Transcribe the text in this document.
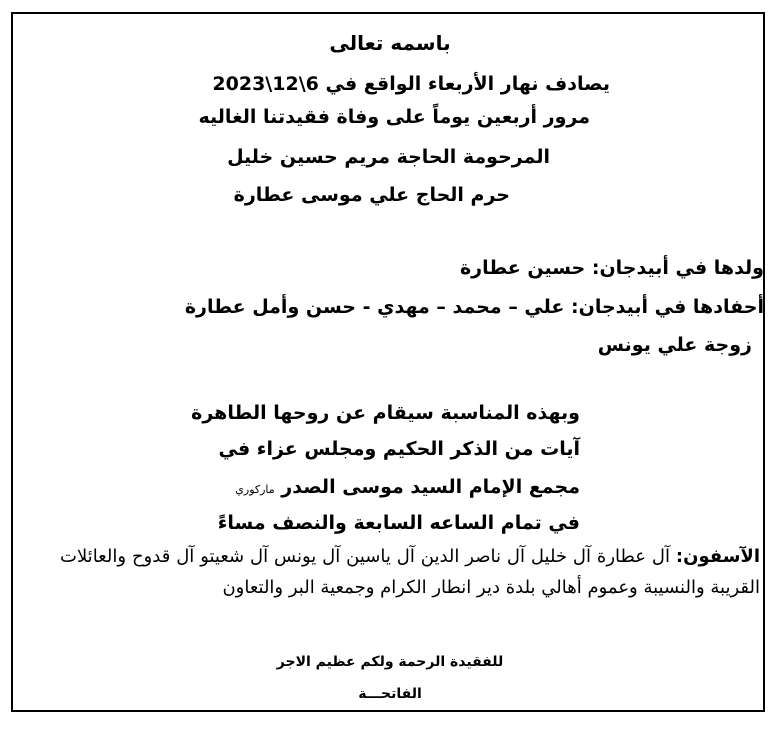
باسمه تعالى
يصادف نهار الأربعاء الواقع في 6\12\2023
مرور أربعين يوماً على وفاة فقيدتنا الغاليه
المرحومة الحاجة مريم حسين خليل
حرم الحاج علي موسى عطارة
ولدها في أبيدجان: حسين عطارة
أحفادها في أبيدجان: علي – محمد – مهدي - حسن وأمل عطارة
زوجة علي يونس
وبهذه المناسبة سيقام عن روحها الطاهرة
آيات من الذكر الحكيم ومجلس عزاء في
مجمع الإمام السيد موسى الصدر ماركوري
في تمام الساعه السابعة والنصف مساءً
الآسفون: آل عطارة آل خليل آل ناصر الدين آل ياسين آل يونس آل شعيتو آل قدوح والعائلات القريبة والنسيبة وعموم أهالي بلدة دير انطار الكرام وجمعية البر والتعاون
للفقيدة الرحمة ولكم عظيم الاجر
الفاتحـــة
